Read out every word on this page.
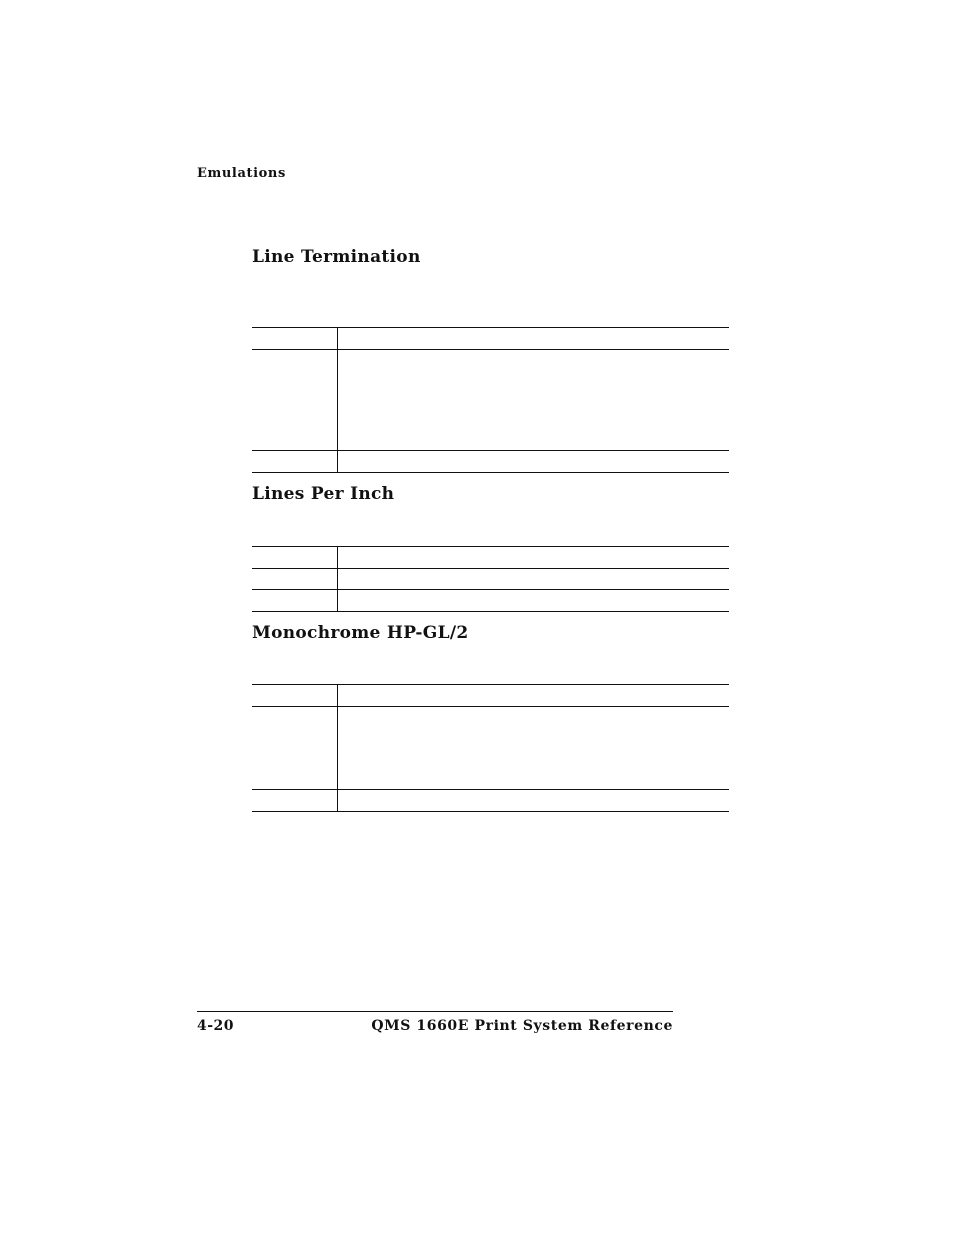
Emulations
Line Termination
Lines Per Inch
Monochrome HP-GL/2
4-20	QMS 1660E Print System Reference
